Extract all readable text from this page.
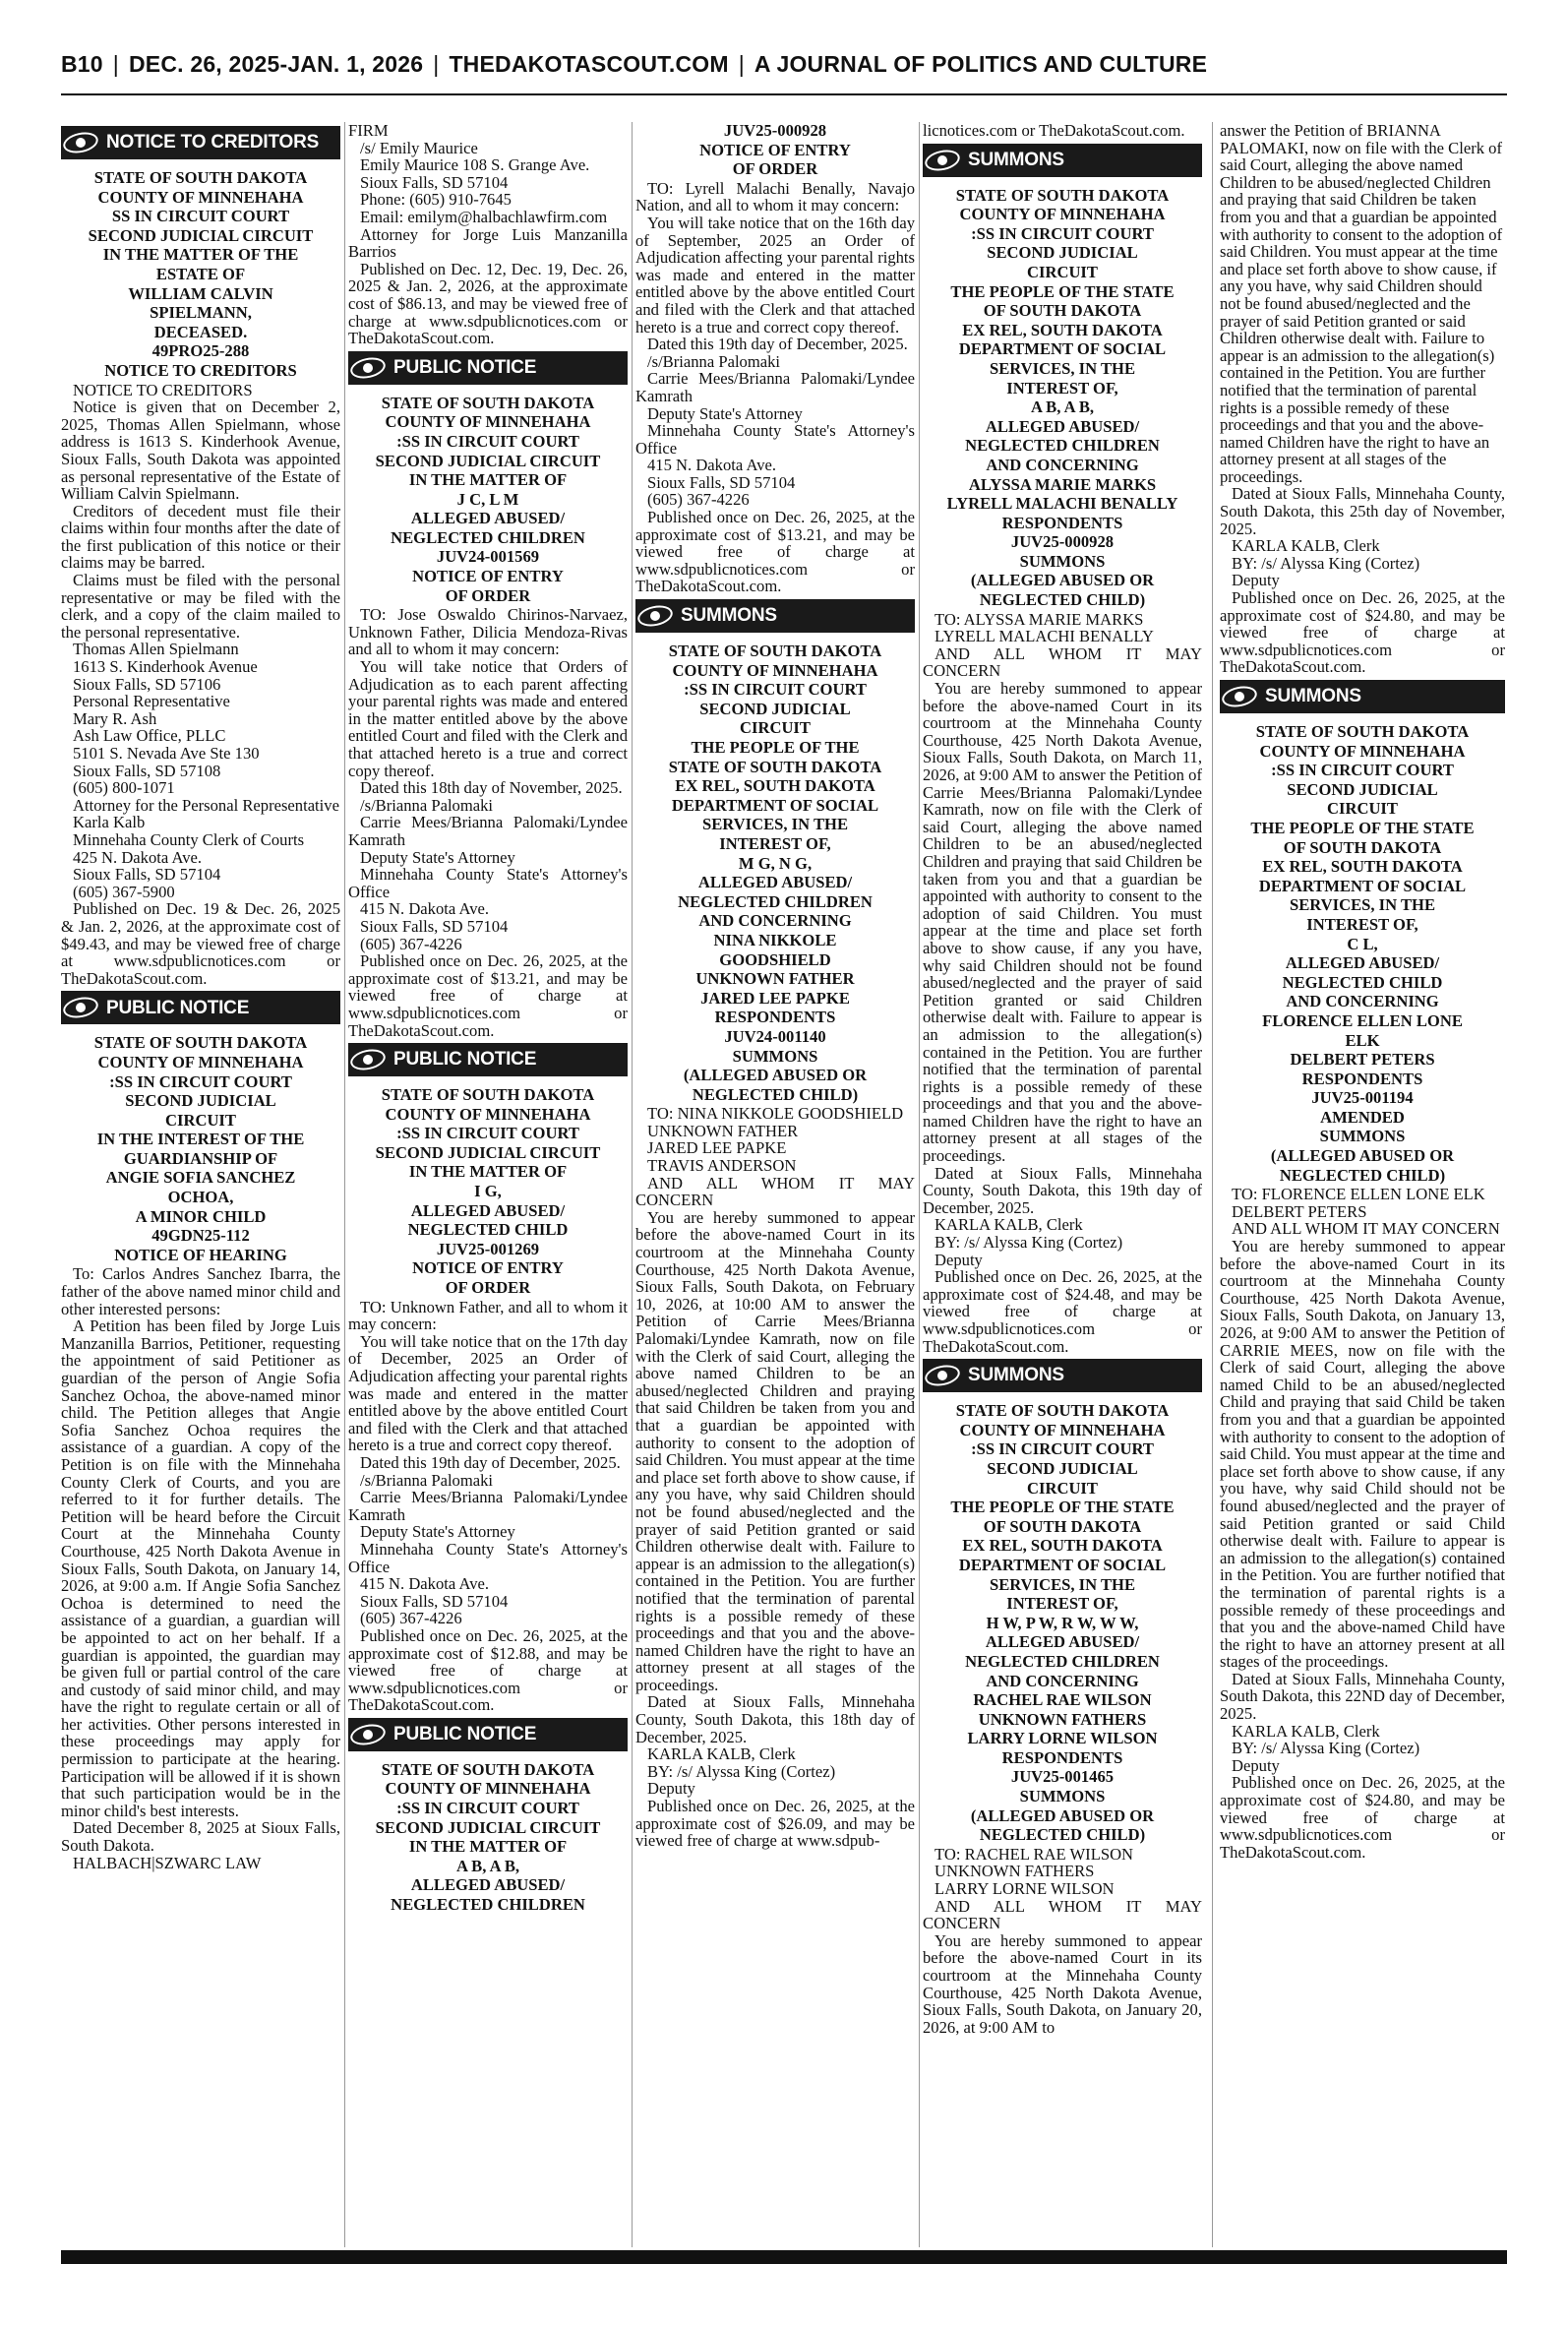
B10 | DEC. 26, 2025-JAN. 1, 2026 | THEDAKOTASCOUT.COM | A JOURNAL OF POLITICS AND CULTURE
NOTICE TO CREDITORS
STATE OF SOUTH DAKOTA
COUNTY OF MINNEHAHA
SS IN CIRCUIT COURT
SECOND JUDICIAL CIRCUIT
IN THE MATTER OF THE
ESTATE OF
WILLIAM CALVIN
SPIELMANN,
DECEASED.
49PRO25-288
NOTICE TO CREDITORS
NOTICE TO CREDITORS
Notice is given that on December 2, 2025, Thomas Allen Spielmann, whose address is 1613 S. Kinderhook Avenue, Sioux Falls, South Dakota was appointed as personal representative of the Estate of William Calvin Spielmann.
Creditors of decedent must file their claims within four months after the date of the first publication of this notice or their claims may be barred.
Claims must be filed with the personal representative or may be filed with the clerk, and a copy of the claim mailed to the personal representative.
Thomas Allen Spielmann
1613 S. Kinderhook Avenue
Sioux Falls, SD 57106
Personal Representative
Mary R. Ash
Ash Law Office, PLLC
5101 S. Nevada Ave Ste 130
Sioux Falls, SD 57108
(605) 800-1071
Attorney for the Personal Representative
Karla Kalb
Minnehaha County Clerk of Courts
425 N. Dakota Ave.
Sioux Falls, SD 57104
(605) 367-5900
Published on Dec. 19 & Dec. 26, 2025 & Jan. 2, 2026, at the approximate cost of $49.43, and may be viewed free of charge at www.sdpublicnotices.com or TheDakotaScout.com.
PUBLIC NOTICE
STATE OF SOUTH DAKOTA
COUNTY OF MINNEHAHA
:SS IN CIRCUIT COURT
SECOND JUDICIAL
CIRCUIT
IN THE INTEREST OF THE
GUARDIANSHIP OF
ANGIE SOFIA SANCHEZ
OCHOA,
A MINOR CHILD
49GDN25-112
NOTICE OF HEARING
To: Carlos Andres Sanchez Ibarra, the father of the above named minor child and other interested persons:
A Petition has been filed by Jorge Luis Manzanilla Barrios, Petitioner, requesting the appointment of said Petitioner as guardian of the person of Angie Sofia Sanchez Ochoa, the above-named minor child. The Petition alleges that Angie Sofia Sanchez Ochoa requires the assistance of a guardian. A copy of the Petition is on file with the Minnehaha County Clerk of Courts, and you are referred to it for further details. The Petition will be heard before the Circuit Court at the Minnehaha County Courthouse, 425 North Dakota Avenue in Sioux Falls, South Dakota, on January 14, 2026, at 9:00 a.m. If Angie Sofia Sanchez Ochoa is determined to need the assistance of a guardian, a guardian will be appointed to act on her behalf. If a guardian is appointed, the guardian may be given full or partial control of the care and custody of said minor child, and may have the right to regulate certain or all of her activities. Other persons interested in these proceedings may apply for permission to participate at the hearing. Participation will be allowed if it is shown that such participation would be in the minor child's best interests.
Dated December 8, 2025 at Sioux Falls, South Dakota.
HALBACH|SZWARC LAW
FIRM
/s/ Emily Maurice
Emily Maurice 108 S. Grange Ave.
Sioux Falls, SD 57104
Phone: (605) 910-7645
Email: emilym@halbachlawfirm.com
Attorney for Jorge Luis Manzanilla Barrios
Published on Dec. 12, Dec. 19, Dec. 26, 2025 & Jan. 2, 2026, at the approximate cost of $86.13, and may be viewed free of charge at www.sdpublicnotices.com or TheDakotaScout.com.
PUBLIC NOTICE
STATE OF SOUTH DAKOTA
COUNTY OF MINNEHAHA
:SS IN CIRCUIT COURT
SECOND JUDICIAL CIRCUIT
IN THE MATTER OF
J C, L M
ALLEGED ABUSED/
NEGLECTED CHILDREN
JUV24-001569
NOTICE OF ENTRY
OF ORDER
TO: Jose Oswaldo Chirinos-Narvaez, Unknown Father, Dilicia Mendoza-Rivas and all to whom it may concern:
You will take notice that Orders of Adjudication as to each parent affecting your parental rights was made and entered in the matter entitled above by the above entitled Court and filed with the Clerk and that attached hereto is a true and correct copy thereof.
Dated this 18th day of November, 2025.
/s/Brianna Palomaki
Carrie Mees/Brianna Palomaki/Lyndee Kamrath
Deputy State's Attorney
Minnehaha County State's Attorney's Office
415 N. Dakota Ave.
Sioux Falls, SD 57104
(605) 367-4226
Published once on Dec. 26, 2025, at the approximate cost of $13.21, and may be viewed free of charge at www.sdpublicnotices.com or TheDakotaScout.com.
PUBLIC NOTICE
STATE OF SOUTH DAKOTA
COUNTY OF MINNEHAHA
:SS IN CIRCUIT COURT
SECOND JUDICIAL CIRCUIT
IN THE MATTER OF
I G,
ALLEGED ABUSED/
NEGLECTED CHILD
JUV25-001269
NOTICE OF ENTRY
OF ORDER
TO: Unknown Father, and all to whom it may concern:
You will take notice that on the 17th day of December, 2025 an Order of Adjudication affecting your parental rights was made and entered in the matter entitled above by the above entitled Court and filed with the Clerk and that attached hereto is a true and correct copy thereof.
Dated this 19th day of December, 2025.
/s/Brianna Palomaki
Carrie Mees/Brianna Palomaki/Lyndee Kamrath
Deputy State's Attorney
Minnehaha County State's Attorney's Office
415 N. Dakota Ave.
Sioux Falls, SD 57104
(605) 367-4226
Published once on Dec. 26, 2025, at the approximate cost of $12.88, and may be viewed free of charge at www.sdpublicnotices.com or TheDakotaScout.com.
PUBLIC NOTICE
STATE OF SOUTH DAKOTA
COUNTY OF MINNEHAHA
:SS IN CIRCUIT COURT
SECOND JUDICIAL CIRCUIT
IN THE MATTER OF
A B, A B,
ALLEGED ABUSED/
NEGLECTED CHILDREN
JUV25-000928
NOTICE OF ENTRY
OF ORDER
TO: Lyrell Malachi Benally, Navajo Nation, and all to whom it may concern:
You will take notice that on the 16th day of September, 2025 an Order of Adjudication affecting your parental rights was made and entered in the matter entitled above by the above entitled Court and filed with the Clerk and that attached hereto is a true and correct copy thereof.
Dated this 19th day of December, 2025.
/s/Brianna Palomaki
Carrie Mees/Brianna Palomaki/Lyndee Kamrath
Deputy State's Attorney
Minnehaha County State's Attorney's Office
415 N. Dakota Ave.
Sioux Falls, SD 57104
(605) 367-4226
Published once on Dec. 26, 2025, at the approximate cost of $13.21, and may be viewed free of charge at www.sdpublicnotices.com or TheDakotaScout.com.
SUMMONS
STATE OF SOUTH DAKOTA
COUNTY OF MINNEHAHA
:SS IN CIRCUIT COURT
SECOND JUDICIAL
CIRCUIT
THE PEOPLE OF THE
STATE OF SOUTH DAKOTA
EX REL, SOUTH DAKOTA
DEPARTMENT OF SOCIAL
SERVICES, IN THE
INTEREST OF,
M G, N G,
ALLEGED ABUSED/
NEGLECTED CHILDREN
AND CONCERNING
NINA NIKKOLE
GOODSHIELD
UNKNOWN FATHER
JARED LEE PAPKE
RESPONDENTS
JUV24-001140
SUMMONS
(ALLEGED ABUSED OR
NEGLECTED CHILD)
TO: NINA NIKKOLE GOODSHIELD
UNKNOWN FATHER
JARED LEE PAPKE
TRAVIS ANDERSON
AND ALL WHOM IT MAY CONCERN
You are hereby summoned to appear before the above-named Court in its courtroom at the Minnehaha County Courthouse, 425 North Dakota Avenue, Sioux Falls, South Dakota, on February 10, 2026, at 10:00 AM to answer the Petition of Carrie Mees/Brianna Palomaki/Lyndee Kamrath, now on file with the Clerk of said Court, alleging the above named Children to be an abused/neglected Children and praying that said Children be taken from you and that a guardian be appointed with authority to consent to the adoption of said Children. You must appear at the time and place set forth above to show cause, if any you have, why said Children should not be found abused/neglected and the prayer of said Petition granted or said Children otherwise dealt with. Failure to appear is an admission to the allegation(s) contained in the Petition. You are further notified that the termination of parental rights is a possible remedy of these proceedings and that you and the above-named Children have the right to have an attorney present at all stages of the proceedings.
Dated at Sioux Falls, Minnehaha County, South Dakota, this 18th day of December, 2025.
KARLA KALB, Clerk
BY: /s/ Alyssa King (Cortez)
Deputy
Published once on Dec. 26, 2025, at the approximate cost of $26.09, and may be viewed free of charge at www.sdpub-
licnotices.com or TheDakotaScout.com.
SUMMONS
STATE OF SOUTH DAKOTA
COUNTY OF MINNEHAHA
:SS IN CIRCUIT COURT
SECOND JUDICIAL
CIRCUIT
THE PEOPLE OF THE STATE
OF SOUTH DAKOTA
EX REL, SOUTH DAKOTA
DEPARTMENT OF SOCIAL
SERVICES, IN THE
INTEREST OF,
A B, A B,
ALLEGED ABUSED/
NEGLECTED CHILDREN
AND CONCERNING
ALYSSA MARIE MARKS
LYRELL MALACHI BENALLY
RESPONDENTS
JUV25-000928
SUMMONS
(ALLEGED ABUSED OR
NEGLECTED CHILD)
TO: ALYSSA MARIE MARKS
LYRELL MALACHI BENALLY
AND ALL WHOM IT MAY CONCERN
You are hereby summoned to appear before the above-named Court in its courtroom at the Minnehaha County Courthouse, 425 North Dakota Avenue, Sioux Falls, South Dakota, on March 11, 2026, at 9:00 AM to answer the Petition of Carrie Mees/Brianna Palomaki/Lyndee Kamrath, now on file with the Clerk of said Court, alleging the above named Children to be an abused/neglected Children and praying that said Children be taken from you and that a guardian be appointed with authority to consent to the adoption of said Children. You must appear at the time and place set forth above to show cause, if any you have, why said Children should not be found abused/neglected and the prayer of said Petition granted or said Children otherwise dealt with. Failure to appear is an admission to the allegation(s) contained in the Petition. You are further notified that the termination of parental rights is a possible remedy of these proceedings and that you and the above-named Children have the right to have an attorney present at all stages of the proceedings.
Dated at Sioux Falls, Minnehaha County, South Dakota, this 19th day of December, 2025.
KARLA KALB, Clerk
BY: /s/ Alyssa King (Cortez)
Deputy
Published once on Dec. 26, 2025, at the approximate cost of $24.48, and may be viewed free of charge at www.sdpublicnotices.com or TheDakotaScout.com.
SUMMONS
STATE OF SOUTH DAKOTA
COUNTY OF MINNEHAHA
:SS IN CIRCUIT COURT
SECOND JUDICIAL
CIRCUIT
THE PEOPLE OF THE STATE
OF SOUTH DAKOTA
EX REL, SOUTH DAKOTA
DEPARTMENT OF SOCIAL
SERVICES, IN THE
INTEREST OF,
H W, P W, R W, W W,
ALLEGED ABUSED/
NEGLECTED CHILDREN
AND CONCERNING
RACHEL RAE WILSON
UNKNOWN FATHERS
LARRY LORNE WILSON
RESPONDENTS
JUV25-001465
SUMMONS
(ALLEGED ABUSED OR
NEGLECTED CHILD)
TO: RACHEL RAE WILSON
UNKNOWN FATHERS
LARRY LORNE WILSON
AND ALL WHOM IT MAY CONCERN
You are hereby summoned to appear before the above-named Court in its courtroom at the Minnehaha County Courthouse, 425 North Dakota Avenue, Sioux Falls, South Dakota, on January 20, 2026, at 9:00 AM to
answer the Petition of BRIANNA PALOMAKI, now on file with the Clerk of said Court, alleging the above named Children to be abused/neglected Children and praying that said Children be taken from you and that a guardian be appointed with authority to consent to the adoption of said Children. You must appear at the time and place set forth above to show cause, if any you have, why said Children should not be found abused/neglected and the prayer of said Petition granted or said Children otherwise dealt with. Failure to appear is an admission to the allegation(s) contained in the Petition. You are further notified that the termination of parental rights is a possible remedy of these proceedings and that you and the above-named Children have the right to have an attorney present at all stages of the proceedings.
Dated at Sioux Falls, Minnehaha County, South Dakota, this 25th day of November, 2025.
KARLA KALB, Clerk
BY: /s/ Alyssa King (Cortez)
Deputy
Published once on Dec. 26, 2025, at the approximate cost of $24.80, and may be viewed free of charge at www.sdpublicnotices.com or TheDakotaScout.com.
SUMMONS
STATE OF SOUTH DAKOTA
COUNTY OF MINNEHAHA
:SS IN CIRCUIT COURT
SECOND JUDICIAL
CIRCUIT
THE PEOPLE OF THE STATE
OF SOUTH DAKOTA
EX REL, SOUTH DAKOTA
DEPARTMENT OF SOCIAL
SERVICES, IN THE
INTEREST OF,
C L,
ALLEGED ABUSED/
NEGLECTED CHILD
AND CONCERNING
FLORENCE ELLEN LONE
ELK
DELBERT PETERS
RESPONDENTS
JUV25-001194
AMENDED
SUMMONS
(ALLEGED ABUSED OR
NEGLECTED CHILD)
TO: FLORENCE ELLEN LONE ELK
DELBERT PETERS
AND ALL WHOM IT MAY CONCERN
You are hereby summoned to appear before the above-named Court in its courtroom at the Minnehaha County Courthouse, 425 North Dakota Avenue, Sioux Falls, South Dakota, on January 13, 2026, at 9:00 AM to answer the Petition of CARRIE MEES, now on file with the Clerk of said Court, alleging the above named Child to be an abused/neglected Child and praying that said Child be taken from you and that a guardian be appointed with authority to consent to the adoption of said Child. You must appear at the time and place set forth above to show cause, if any you have, why said Child should not be found abused/neglected and the prayer of said Petition granted or said Child otherwise dealt with. Failure to appear is an admission to the allegation(s) contained in the Petition. You are further notified that the termination of parental rights is a possible remedy of these proceedings and that you and the above-named Child have the right to have an attorney present at all stages of the proceedings.
Dated at Sioux Falls, Minnehaha County, South Dakota, this 22ND day of December, 2025.
KARLA KALB, Clerk
BY: /s/ Alyssa King (Cortez)
Deputy
Published once on Dec. 26, 2025, at the approximate cost of $24.80, and may be viewed free of charge at www.sdpublicnotices.com or TheDakotaScout.com.
